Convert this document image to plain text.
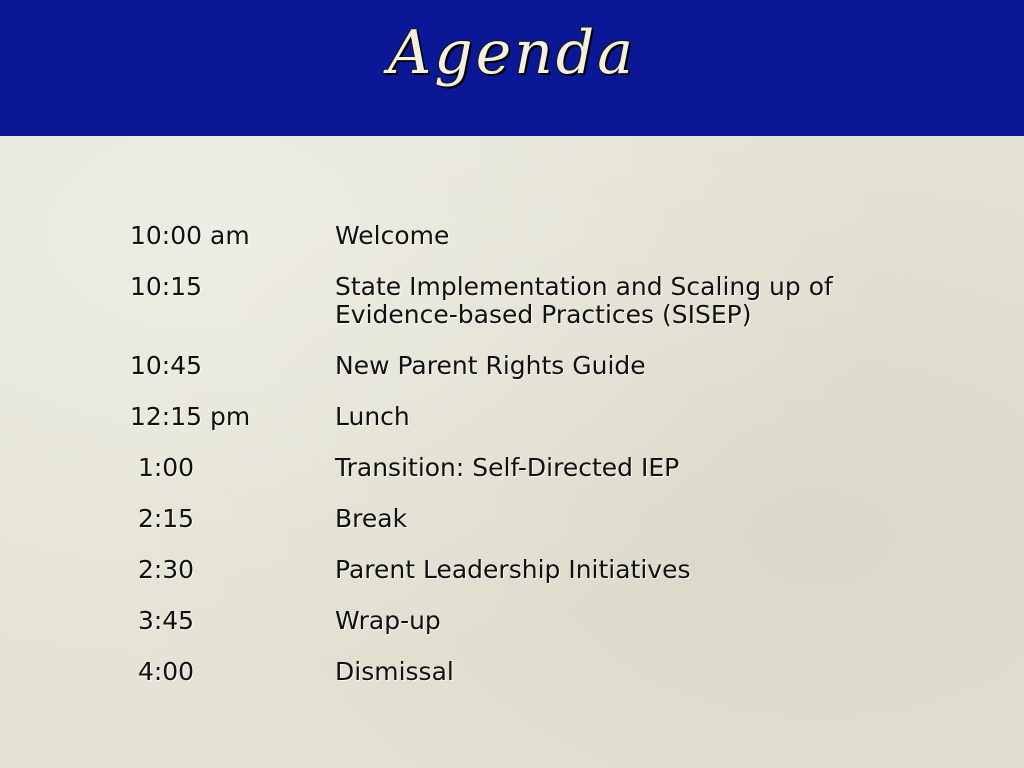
Agenda
10:00 am	Welcome
10:15	State Implementation and Scaling up of Evidence-based Practices (SISEP)
10:45	New Parent Rights Guide
12:15 pm	Lunch
1:00	Transition: Self-Directed IEP
2:15	Break
2:30	Parent Leadership Initiatives
3:45	Wrap-up
4:00	Dismissal
